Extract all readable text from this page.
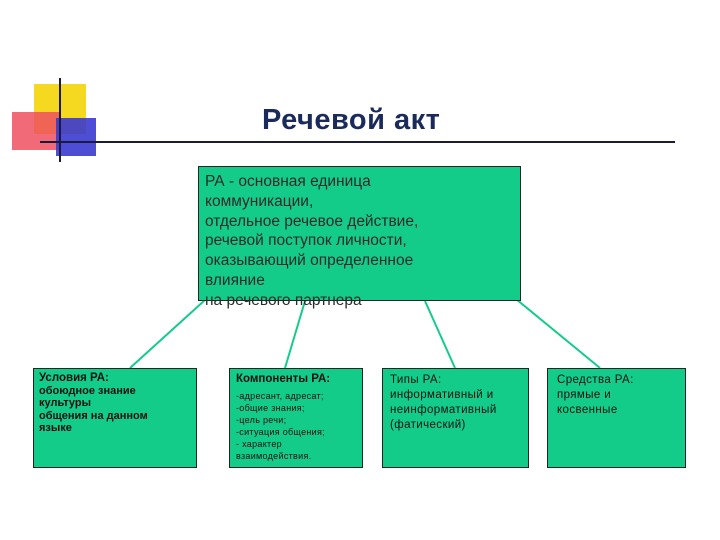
Речевой акт
РА - основная единица
коммуникации,
отдельное речевое действие,
речевой поступок личности,
оказывающий определенное
влияние
на речевого партнера
Условия РА:
обоюдное знание
культуры
общения на данном
языке
Компоненты РА:
-адресант, адресат;
-общие знания;
-цель речи;
-ситуация общения;
- характер
взаимодействия.
Типы РА:
информативный и
неинформативный
(фатический)
Средства РА:
прямые и
косвенные
